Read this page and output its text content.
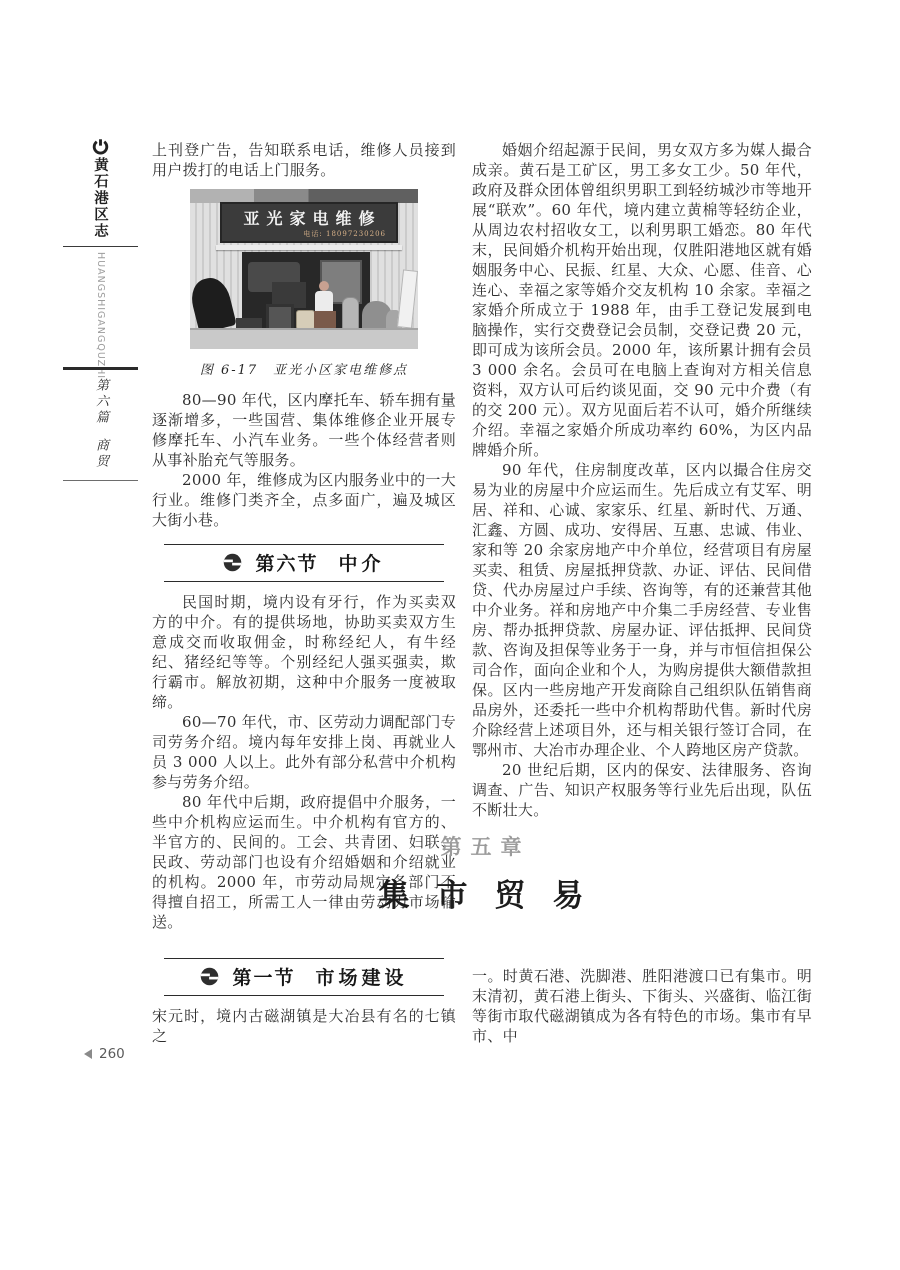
黄石港区志
HUANGSHIGANGQUZHI
第六篇
商贸

上刊登广告，告知联系电话，维修人员接到用户拨打的电话上门服务。

亚光家电维修
电话: 18097230206
图 6-17　亚光小区家电维修点

80—90 年代，区内摩托车、轿车拥有量逐渐增多，一些国营、集体维修企业开展专修摩托车、小汽车业务。一些个体经营者则从事补胎充气等服务。

2000 年，维修成为区内服务业中的一大行业。维修门类齐全，点多面广，遍及城区大街小巷。

第六节 中介

民国时期，境内设有牙行，作为买卖双方的中介。有的提供场地，协助买卖双方生意成交而收取佣金，时称经纪人，有牛经纪、猪经纪等等。个别经纪人强买强卖，欺行霸市。解放初期，这种中介服务一度被取缔。

60—70 年代，市、区劳动力调配部门专司劳务介绍。境内每年安排上岗、再就业人员 3 000 人以上。此外有部分私营中介机构参与劳务介绍。

80 年代中后期，政府提倡中介服务，一些中介机构应运而生。中介机构有官方的、半官方的、民间的。工会、共青团、妇联、民政、劳动部门也设有介绍婚姻和介绍就业的机构。2000 年，市劳动局规定各部门不得擅自招工，所需工人一律由劳动力市场输送。

婚姻介绍起源于民间，男女双方多为媒人撮合成亲。黄石是工矿区，男工多女工少。50 年代，政府及群众团体曾组织男职工到轻纺城沙市等地开展“联欢”。60 年代，境内建立黄棉等轻纺企业，从周边农村招收女工，以利男职工婚恋。80 年代末，民间婚介机构开始出现，仅胜阳港地区就有婚姻服务中心、民振、红星、大众、心愿、佳音、心连心、幸福之家等婚介交友机构 10 余家。幸福之家婚介所成立于 1988 年，由手工登记发展到电脑操作，实行交费登记会员制，交登记费 20 元，即可成为该所会员。2000 年，该所累计拥有会员 3 000 余名。会员可在电脑上查询对方相关信息资料，双方认可后约谈见面，交 90 元中介费（有的交 200 元）。双方见面后若不认可，婚介所继续介绍。幸福之家婚介所成功率约 60%，为区内品牌婚介所。

90 年代，住房制度改革，区内以撮合住房交易为业的房屋中介应运而生。先后成立有艾军、明居、祥和、心诚、家家乐、红星、新时代、万通、汇鑫、方圆、成功、安得居、互惠、忠诚、伟业、家和等 20 余家房地产中介单位，经营项目有房屋买卖、租赁、房屋抵押贷款、办证、评估、民间借贷、代办房屋过户手续、咨询等，有的还兼营其他中介业务。祥和房地产中介集二手房经营、专业售房、帮办抵押贷款、房屋办证、评估抵押、民间贷款、咨询及担保等业务于一身，并与市恒信担保公司合作，面向企业和个人，为购房提供大额借款担保。区内一些房地产开发商除自己组织队伍销售商品房外，还委托一些中介机构帮助代售。新时代房介除经营上述项目外，还与相关银行签订合同，在鄂州市、大冶市办理企业、个人跨地区房产贷款。

20 世纪后期，区内的保安、法律服务、咨询调查、广告、知识产权服务等行业先后出现，队伍不断壮大。

第五章
集市贸易
第一节 市场建设

宋元时，境内古磁湖镇是大冶县有名的七镇之

一。时黄石港、洗脚港、胜阳港渡口已有集市。明末清初，黄石港上街头、下街头、兴盛街、临江街等街市取代磁湖镇成为各有特色的市场。集市有早市、中

260
